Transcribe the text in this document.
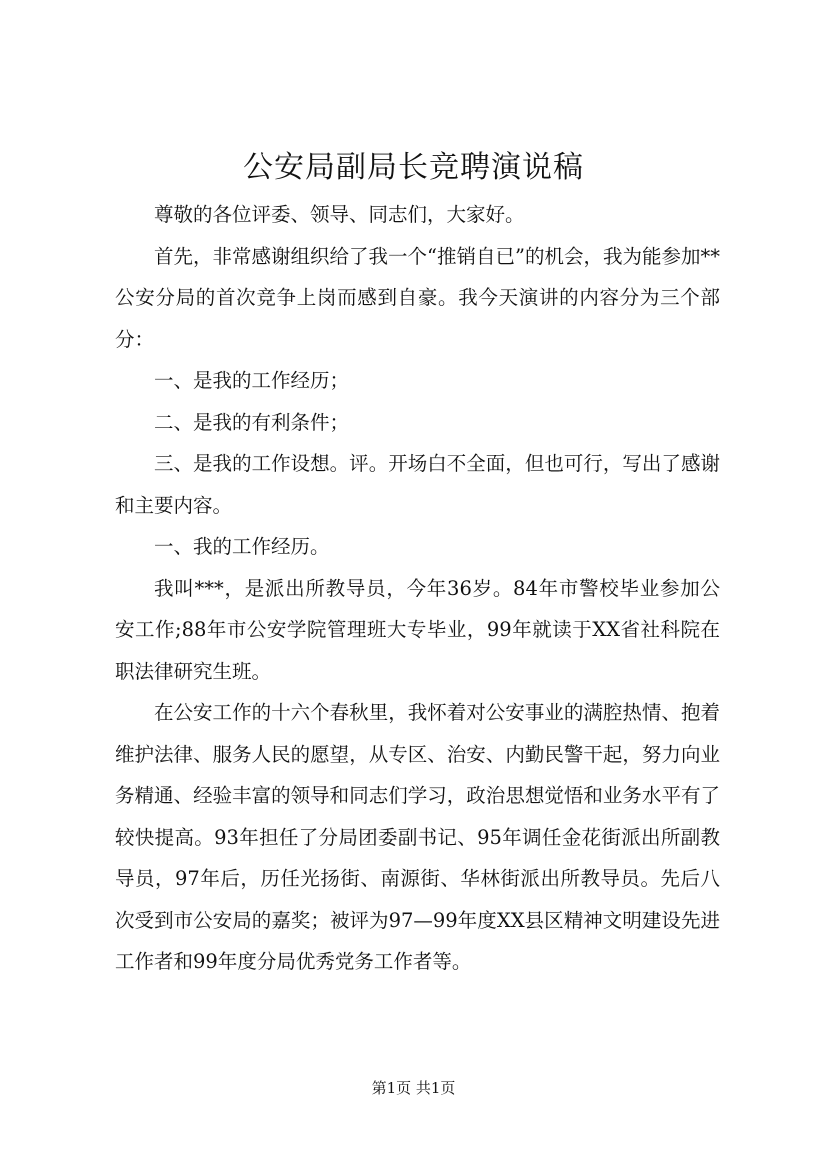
公安局副局长竞聘演说稿

尊敬的各位评委、领导、同志们，大家好。

首先，非常感谢组织给了我一个“推销自已”的机会，我为能参加**公安分局的首次竞争上岗而感到自豪。我今天演讲的内容分为三个部分：

一、是我的工作经历；

二、是我的有利条件；

三、是我的工作设想。评。开场白不全面，但也可行，写出了感谢和主要内容。

一、我的工作经历。

我叫***，是派出所教导员，今年36岁。84年市警校毕业参加公安工作;88年市公安学院管理班大专毕业，99年就读于XX省社科院在职法律研究生班。

在公安工作的十六个春秋里，我怀着对公安事业的满腔热情、抱着维护法律、服务人民的愿望，从专区、治安、内勤民警干起，努力向业务精通、经验丰富的领导和同志们学习，政治思想觉悟和业务水平有了较快提高。93年担任了分局团委副书记、95年调任金花街派出所副教导员，97年后，历任光扬街、南源街、华林街派出所教导员。先后八次受到市公安局的嘉奖；被评为97—99年度XX县区精神文明建设先进工作者和99年度分局优秀党务工作者等。

第1页 共1页
